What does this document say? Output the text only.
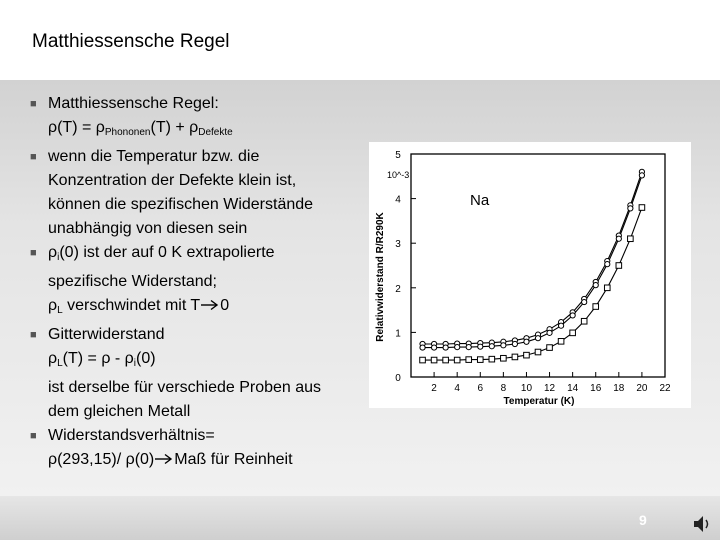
Matthiessensche Regel
■ Matthiessensche Regel:
$\rho(T) = \rho_{Phononen}(T) + \rho_{Defekte}$
■ wenn die Temperatur bzw. die
Konzentration der Defekte klein ist,
können die spezifischen Widerstände
unabhängig von diesen sein
■ $\rho_i(0)$ ist der auf 0 K extrapolierte
spezifische Widerstand;
$\rho_L$ verschwindet mit T 0
■ Gitterwiderstand
$\rho_L(T) = \rho - \rho_i(0)$
ist derselbe für verschiede Proben aus
dem gleichen Metall
■ Widerstandsverhältnis=
ρ(293,15)/ ρ(0) Maß für Reinheit
2 4 6 8 10 12 14 16 18 20 22
0
1
2
3
4
5
Relativwiderstand R/R290K
10^-3
Na
Temperatur (K)
9
